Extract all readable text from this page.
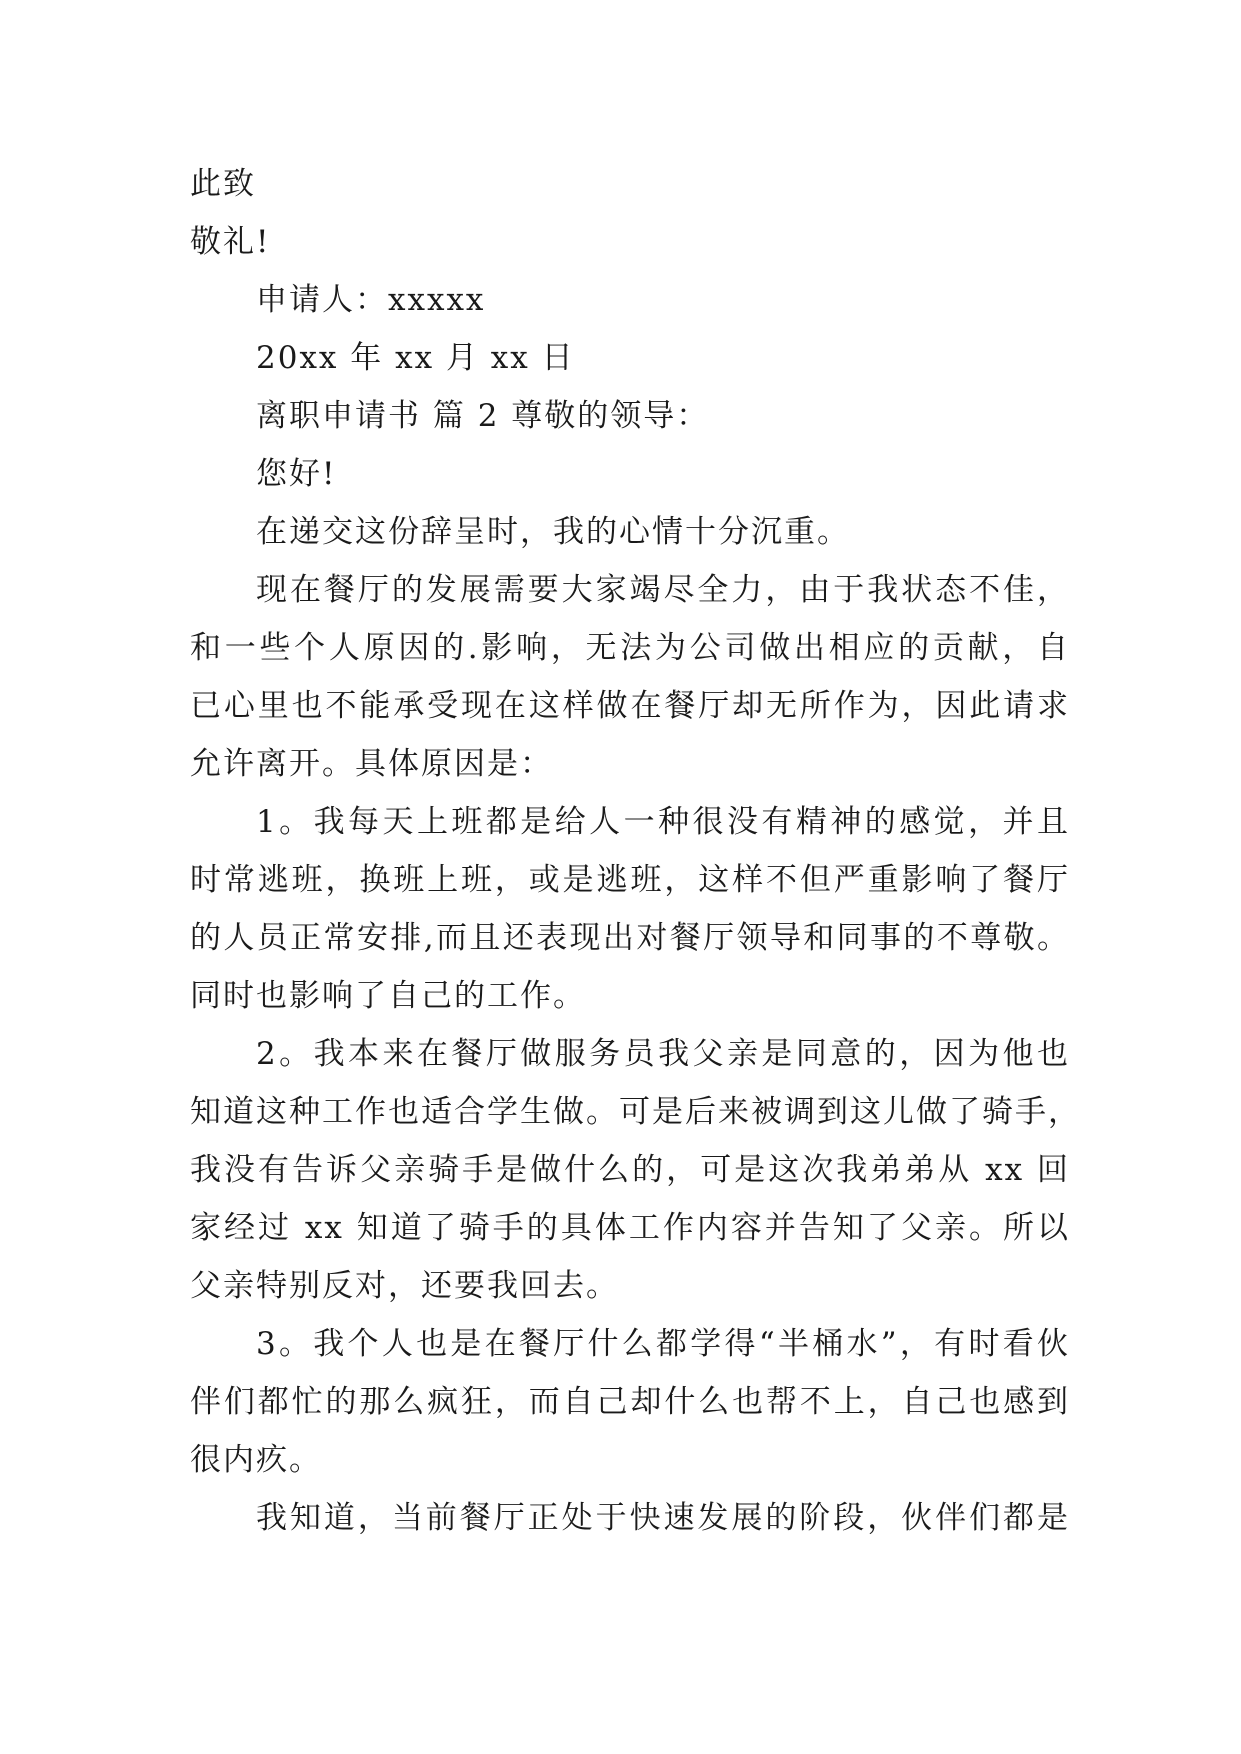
此致
敬礼!
申请人：xxxxx
20xx 年 xx 月 xx 日
离职申请书 篇 2 尊敬的领导：
您好!
在递交这份辞呈时，我的心情十分沉重。
现在餐厅的发展需要大家竭尽全力，由于我状态不佳，
和一些个人原因的.影响，无法为公司做出相应的贡献，自
已心里也不能承受现在这样做在餐厅却无所作为，因此请求
允许离开。具体原因是：
1。我每天上班都是给人一种很没有精神的感觉，并且
时常逃班，换班上班，或是逃班，这样不但严重影响了餐厅
的人员正常安排,而且还表现出对餐厅领导和同事的不尊敬。
同时也影响了自己的工作。
2。我本来在餐厅做服务员我父亲是同意的，因为他也
知道这种工作也适合学生做。可是后来被调到这儿做了骑手，
我没有告诉父亲骑手是做什么的，可是这次我弟弟从 xx 回
家经过 xx 知道了骑手的具体工作内容并告知了父亲。所以
父亲特别反对，还要我回去。
3。我个人也是在餐厅什么都学得“半桶水”，有时看伙
伴们都忙的那么疯狂，而自己却什么也帮不上，自己也感到
很内疚。
我知道，当前餐厅正处于快速发展的阶段，伙伴们都是
